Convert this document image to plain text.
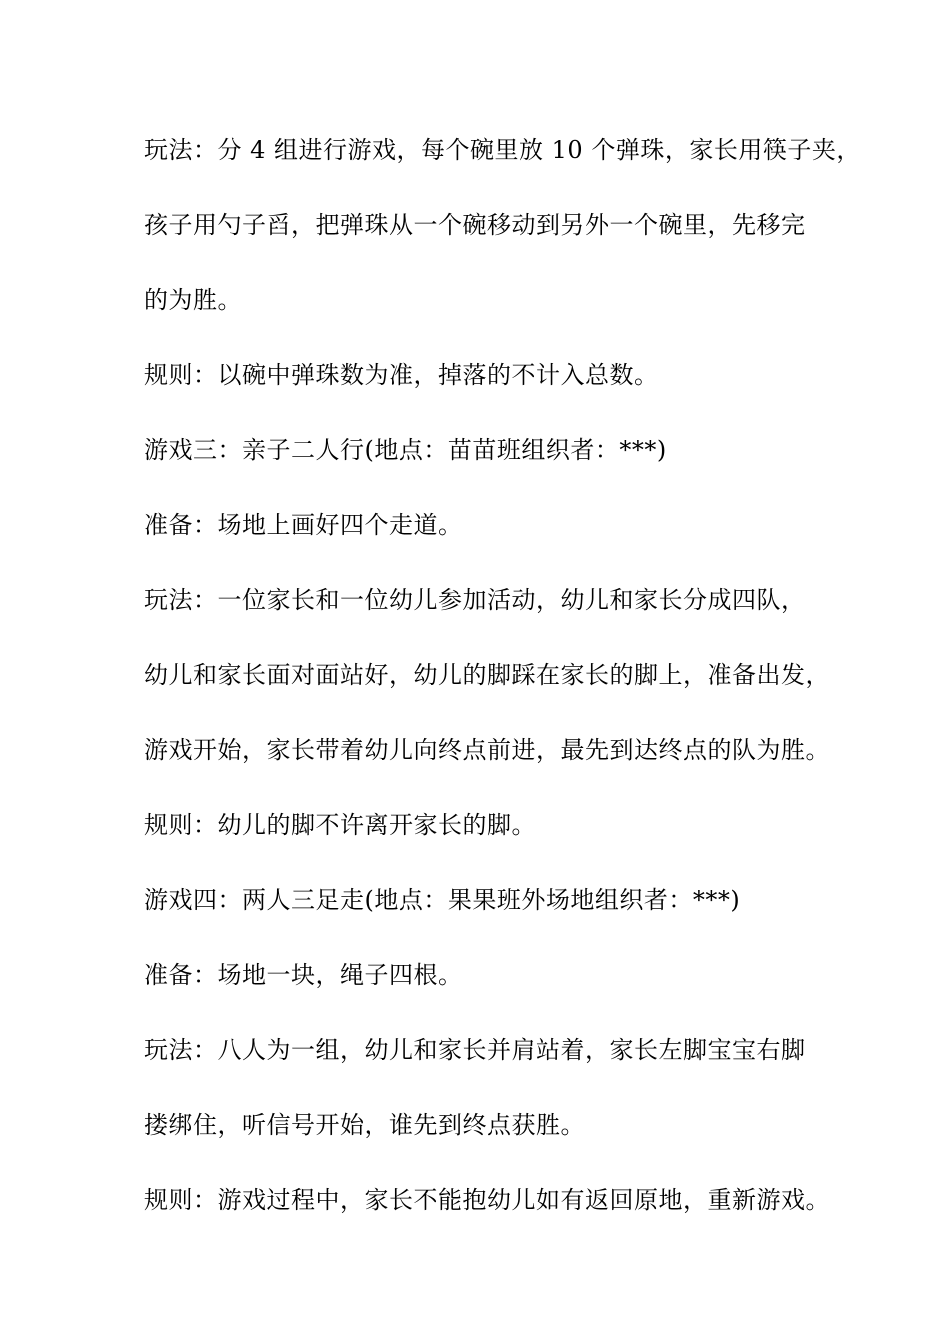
玩法：分 4 组进行游戏，每个碗里放 10 个弹珠，家长用筷子夹，
孩子用勺子舀，把弹珠从一个碗移动到另外一个碗里，先移完
的为胜。
规则：以碗中弹珠数为准，掉落的不计入总数。
游戏三：亲子二人行(地点：苗苗班组织者：***)
准备：场地上画好四个走道。
玩法：一位家长和一位幼儿参加活动，幼儿和家长分成四队，
幼儿和家长面对面站好，幼儿的脚踩在家长的脚上，准备出发，
游戏开始，家长带着幼儿向终点前进，最先到达终点的队为胜。
规则：幼儿的脚不许离开家长的脚。
游戏四：两人三足走(地点：果果班外场地组织者：***)
准备：场地一块，绳子四根。
玩法：八人为一组，幼儿和家长并肩站着，家长左脚宝宝右脚
搂绑住，听信号开始，谁先到终点获胜。
规则：游戏过程中，家长不能抱幼儿如有返回原地，重新游戏。
